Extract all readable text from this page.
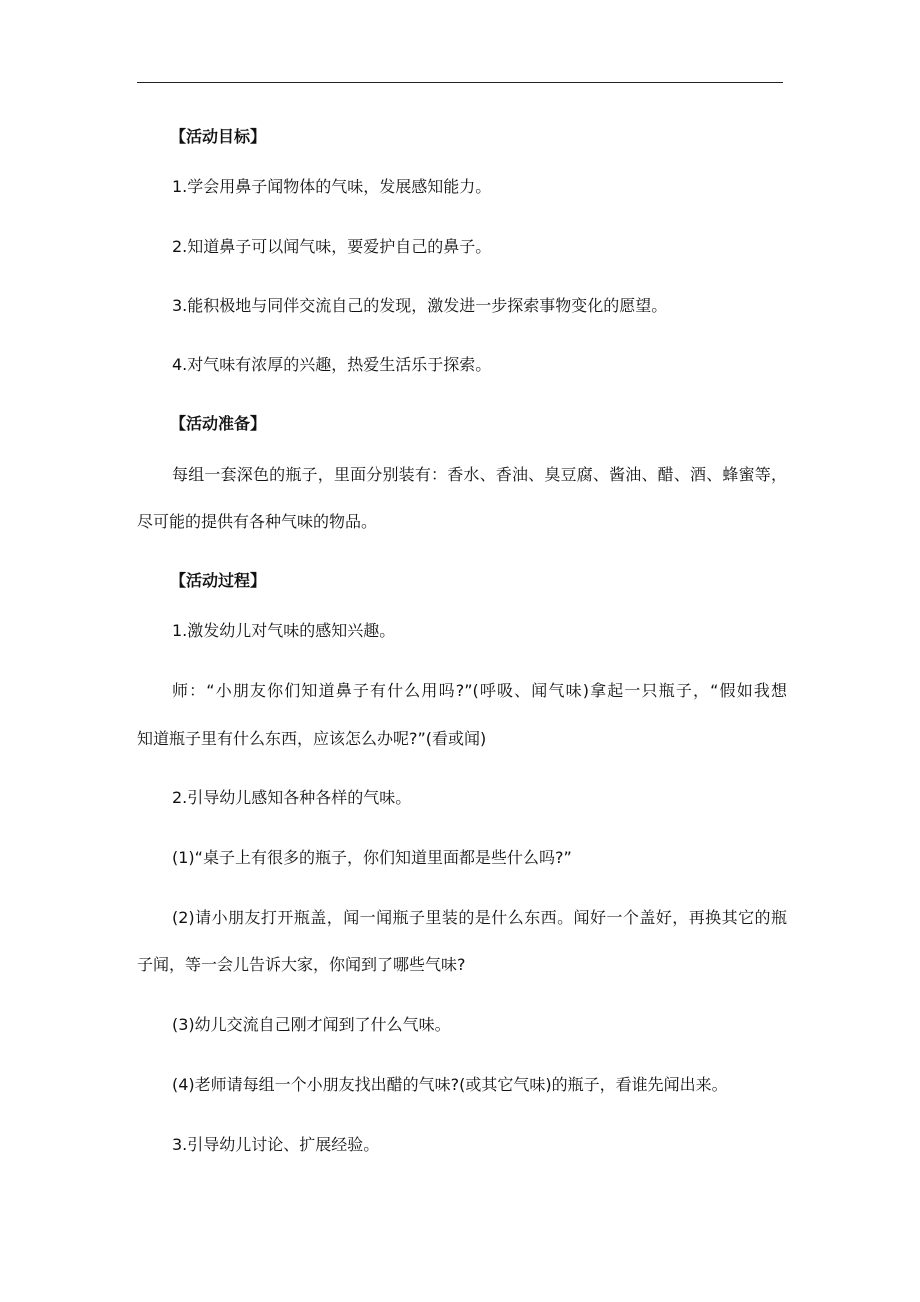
【活动目标】
1.学会用鼻子闻物体的气味，发展感知能力。
2.知道鼻子可以闻气味，要爱护自己的鼻子。
3.能积极地与同伴交流自己的发现，激发进一步探索事物变化的愿望。
4.对气味有浓厚的兴趣，热爱生活乐于探索。
【活动准备】
每组一套深色的瓶子，里面分别装有：香水、香油、臭豆腐、酱油、醋、酒、蜂蜜等，
尽可能的提供有各种气味的物品。
【活动过程】
1.激发幼儿对气味的感知兴趣。
师：“小朋友你们知道鼻子有什么用吗?”(呼吸、闻气味)拿起一只瓶子，“假如我想
知道瓶子里有什么东西，应该怎么办呢?”(看或闻)
2.引导幼儿感知各种各样的气味。
(1)“桌子上有很多的瓶子，你们知道里面都是些什么吗?”
(2)请小朋友打开瓶盖，闻一闻瓶子里装的是什么东西。闻好一个盖好，再换其它的瓶
子闻，等一会儿告诉大家，你闻到了哪些气味?
(3)幼儿交流自己刚才闻到了什么气味。
(4)老师请每组一个小朋友找出醋的气味?(或其它气味)的瓶子，看谁先闻出来。
3.引导幼儿讨论、扩展经验。
